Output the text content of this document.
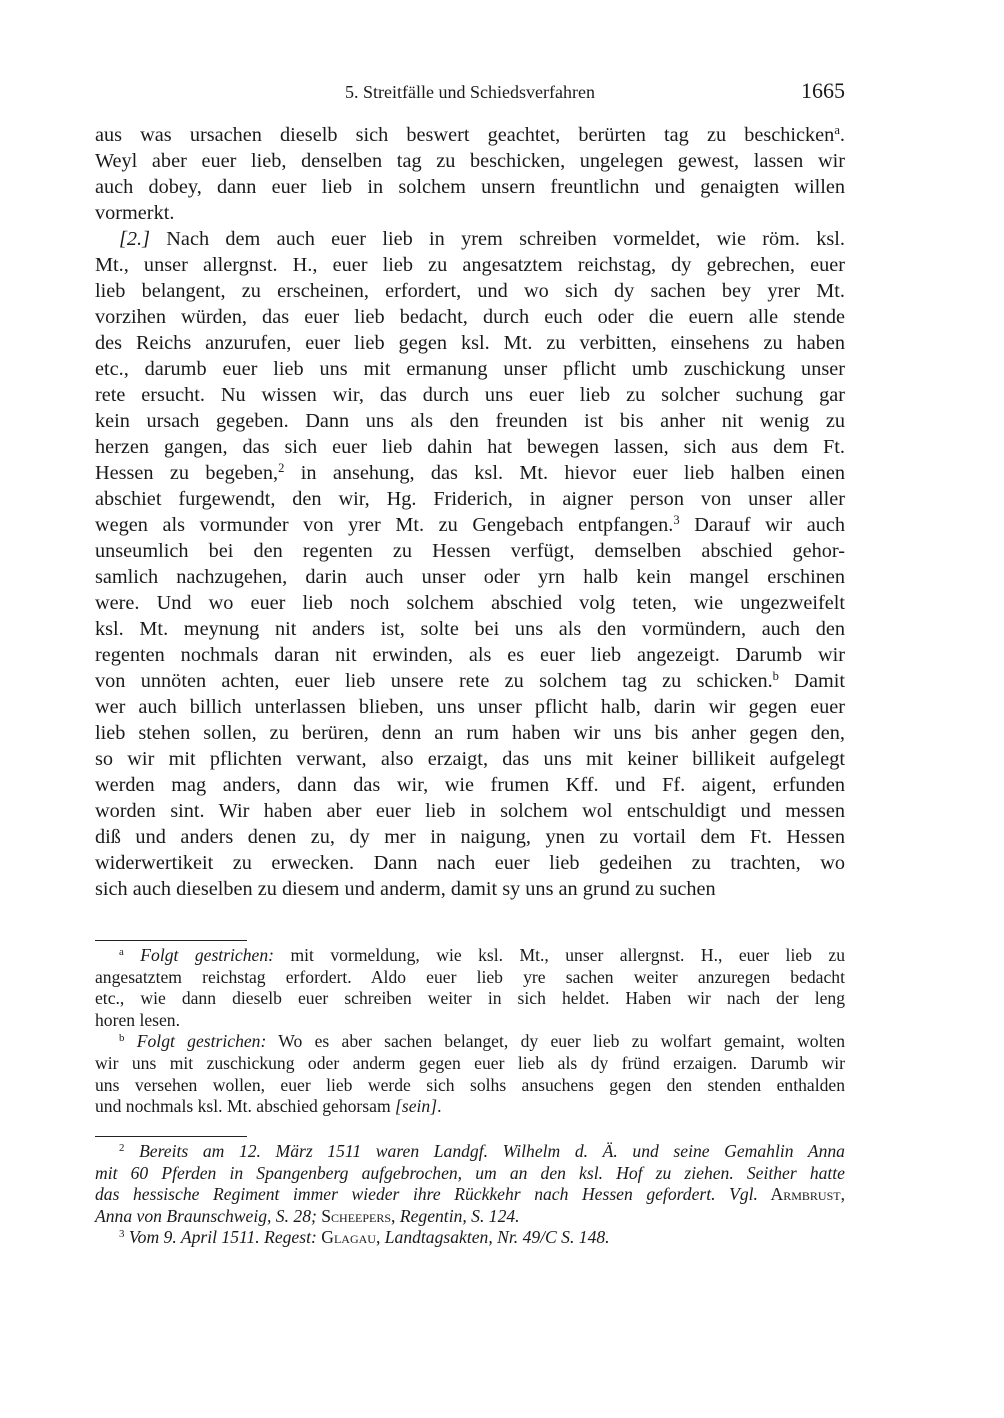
5. Streitfälle und Schiedsverfahren	1665
aus was ursachen dieselb sich beswert geachtet, berürten tag zu beschicken$^a$.
Weyl aber euer lieb, denselben tag zu beschicken, ungelegen gewest, lassen wir
auch dobey, dann euer lieb in solchem unsern freuntlichn und genaigten willen
vormerkt.
[2.] Nach dem auch euer lieb in yrem schreiben vormeldet, wie röm. ksl.
Mt., unser allergnst. H., euer lieb zu angesatztem reichstag, dy gebrechen, euer
lieb belangent, zu erscheinen, erfordert, und wo sich dy sachen bey yrer Mt.
vorzihen würden, das euer lieb bedacht, durch euch oder die euern alle stende
des Reichs anzurufen, euer lieb gegen ksl. Mt. zu verbitten, einsehens zu haben
etc., darumb euer lieb uns mit ermanung unser pflicht umb zuschickung unser
rete ersucht. Nu wissen wir, das durch uns euer lieb zu solcher suchung gar
kein ursach gegeben. Dann uns als den freunden ist bis anher nit wenig zu
herzen gangen, das sich euer lieb dahin hat bewegen lassen, sich aus dem Ft.
Hessen zu begeben,$^2$ in ansehung, das ksl. Mt. hievor euer lieb halben einen
abschiet furgewendt, den wir, Hg. Friderich, in aigner person von unser aller
wegen als vormunder von yrer Mt. zu Gengebach entpfangen.$^3$ Darauf wir auch
unseumlich bei den regenten zu Hessen verfügt, demselben abschied gehor-
samlich nachzugehen, darin auch unser oder yrn halb kein mangel erschinen
were. Und wo euer lieb noch solchem abschied volg teten, wie ungezweifelt
ksl. Mt. meynung nit anders ist, solte bei uns als den vormündern, auch den
regenten nochmals daran nit erwinden, als es euer lieb angezeigt. Darumb wir
von unnöten achten, euer lieb unsere rete zu solchem tag zu schicken.$^b$ Damit
wer auch billich unterlassen blieben, uns unser pflicht halb, darin wir gegen euer
lieb stehen sollen, zu berüren, denn an rum haben wir uns bis anher gegen den,
so wir mit pflichten verwant, also erzaigt, das uns mit keiner billikeit aufgelegt
werden mag anders, dann das wir, wie frumen Kff. und Ff. aigent, erfunden
worden sint. Wir haben aber euer lieb in solchem wol entschuldigt und messen
diß und anders denen zu, dy mer in naigung, ynen zu vortail dem Ft. Hessen
widerwertikeit zu erwecken. Dann nach euer lieb gedeihen zu trachten, wo
sich auch dieselben zu diesem und anderm, damit sy uns an grund zu suchen
$^a$ Folgt gestrichen: mit vormeldung, wie ksl. Mt., unser allergnst. H., euer lieb zu
angesatztem reichstag erfordert. Aldo euer lieb yre sachen weiter anzuregen bedacht
etc., wie dann dieselb euer schreiben weiter in sich heldet. Haben wir nach der leng
horen lesen.
$^b$ Folgt gestrichen: Wo es aber sachen belanget, dy euer lieb zu wolfart gemaint, wolten
wir uns mit zuschickung oder anderm gegen euer lieb als dy fründ erzaigen. Darumb wir
uns versehen wollen, euer lieb werde sich solhs ansuchens gegen den stenden enthalden
und nochmals ksl. Mt. abschied gehorsam [sein].
$^2$ Bereits am 12. März 1511 waren Landgf. Wilhelm d. Ä. und seine Gemahlin Anna
mit 60 Pferden in Spangenberg aufgebrochen, um an den ksl. Hof zu ziehen. Seither hatte
das hessische Regiment immer wieder ihre Rückkehr nach Hessen gefordert. Vgl. Armbrust,
Anna von Braunschweig, S. 28; Scheepers, Regentin, S. 124.
$^3$ Vom 9. April 1511. Regest: Glagau, Landtagsakten, Nr. 49/C S. 148.
